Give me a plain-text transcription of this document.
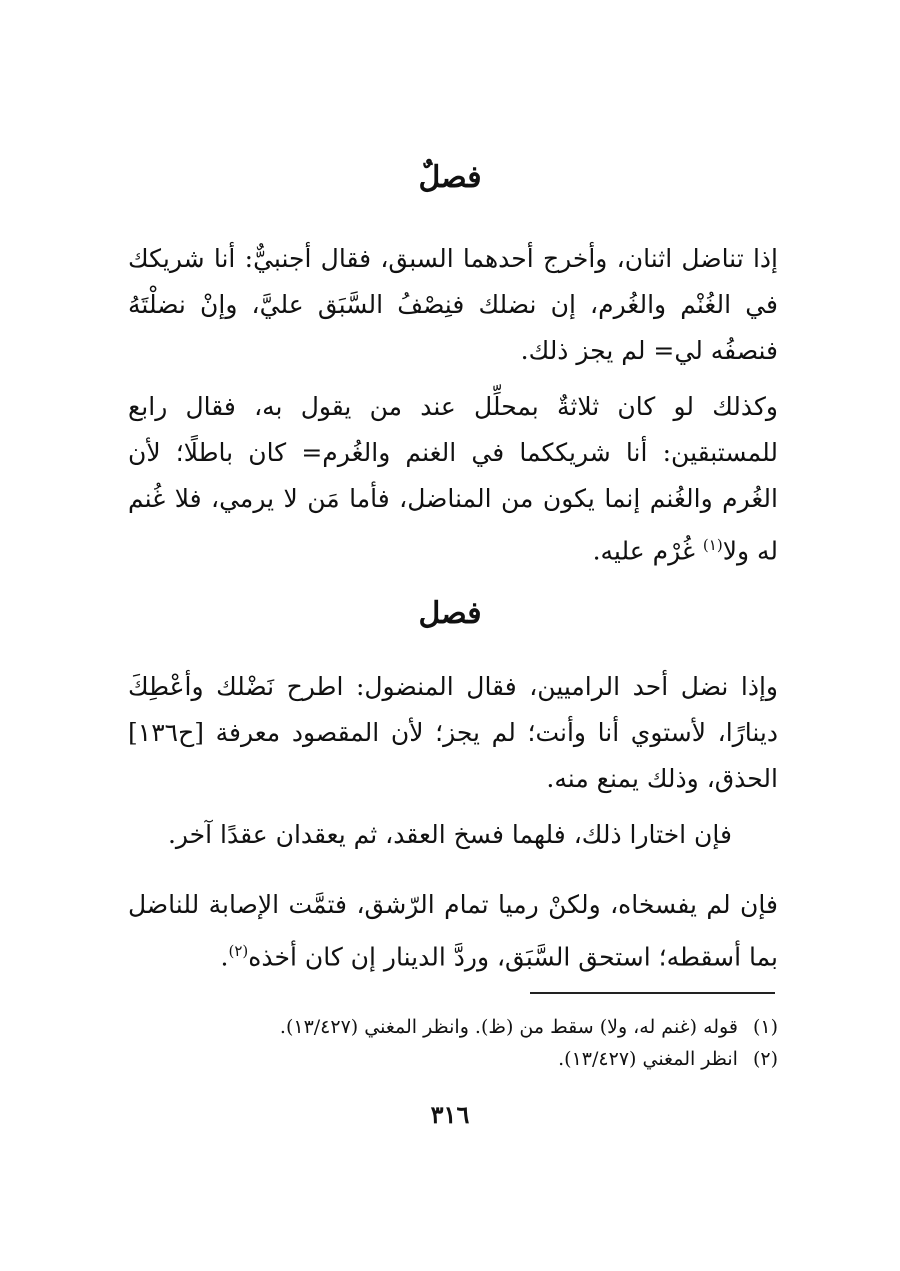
فصلٌ

إذا تناضل اثنان، وأخرج أحدهما السبق، فقال أجنبيٌّ: أنا شريكك في الغُنْم والغُرم، إن نضلك فنِصْفُ السَّبَق عليَّ، وإنْ نضلْتَهُ فنصفُه لي= لم يجز ذلك.

وكذلك لو كان ثلاثةٌ بمحلِّل عند من يقول به، فقال رابع للمستبقين: أنا شريككما في الغنم والغُرم= كان باطلًا؛ لأن الغُرم والغُنم إنما يكون من المناضل، فأما مَن لا يرمي، فلا غُنم له ولا$^{(١)}$ غُرْم عليه.

فصل

وإذا نضل أحد الراميين، فقال المنضول: اطرح نَضْلك وأعْطِكَ دينارًا، لأستوي أنا وأنت؛ لم يجز؛ لأن المقصود معرفة [ح١٣٦] الحذق، وذلك يمنع منه.

فإن اختارا ذلك، فلهما فسخ العقد، ثم يعقدان عقدًا آخر.

فإن لم يفسخاه، ولكنْ رميا تمام الرّشق، فتمَّت الإصابة للناضل بما أسقطه؛ استحق السَّبَق، وردَّ الدينار إن كان أخذه$^{(٢)}$.

(١) قوله (غنم له، ولا) سقط من (ظ). وانظر المغني (١٣/٤٢٧).

(٢) انظر المغني (١٣/٤٢٧).

٣١٦
